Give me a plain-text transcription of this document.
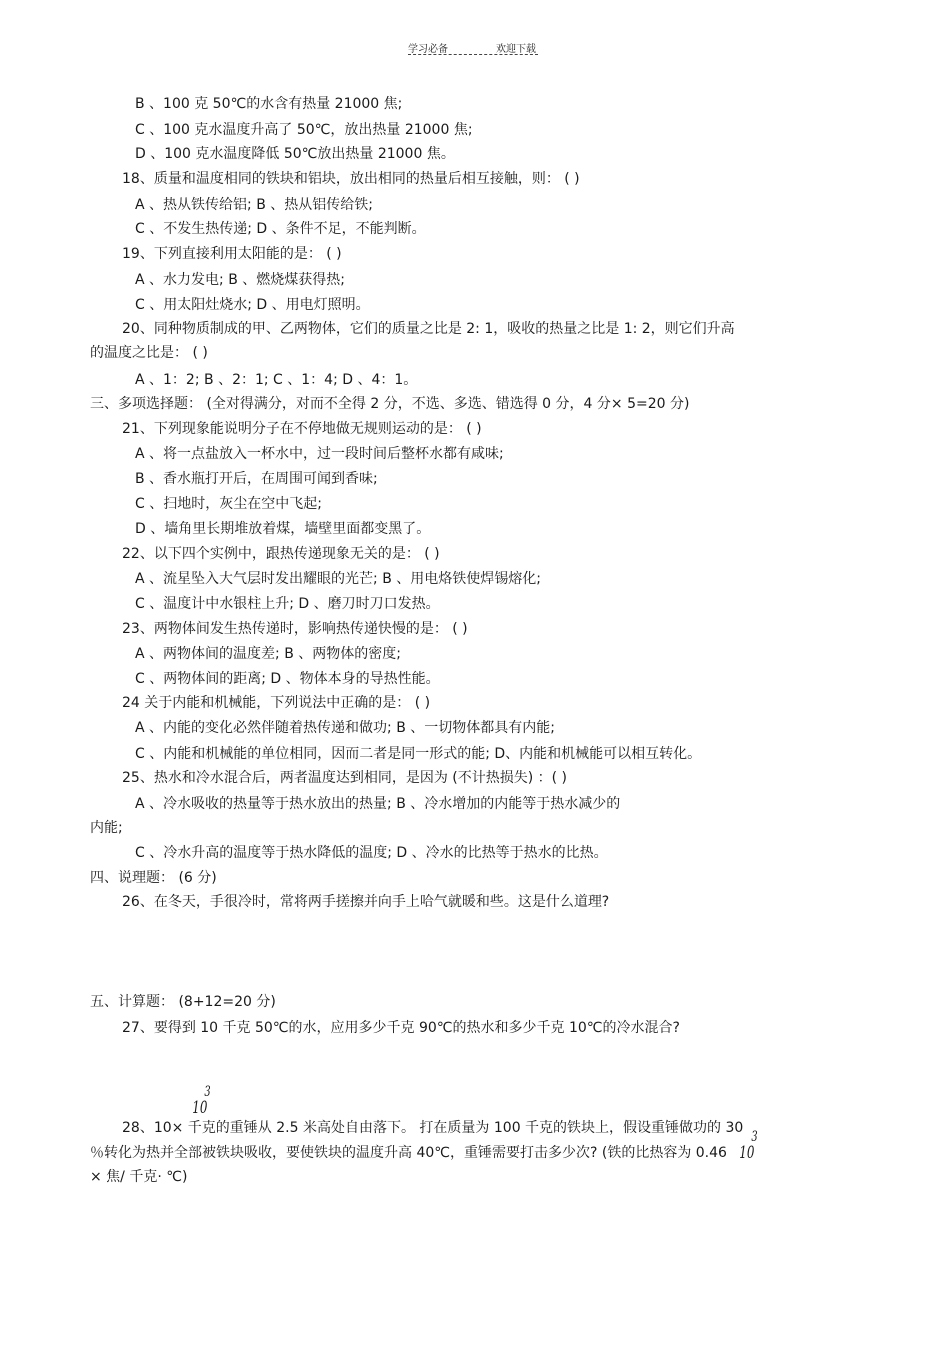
学习必备	欢迎下载
B 、100 克 50℃的水含有热量 21000 焦;
C 、100 克水温度升高了 50℃，放出热量 21000 焦;
D 、100 克水温度降低 50℃放出热量 21000 焦。
18、质量和温度相同的铁块和铝块，放出相同的热量后相互接触，则： ( )
A 、热从铁传给铝; B 、热从铝传给铁;
C 、不发生热传递; D 、条件不足，不能判断。
19、下列直接利用太阳能的是： ( )
A 、水力发电; B 、燃烧煤获得热;
C 、用太阳灶烧水; D 、用电灯照明。
20、同种物质制成的甲、乙两物体，它们的质量之比是 2: 1，吸收的热量之比是 1: 2，则它们升高
的温度之比是： ( )
A 、1：2; B 、2：1; C 、1：4; D 、4：1。
三、多项选择题： (全对得满分，对而不全得 2 分，不选、多选、错选得 0 分，4 分× 5=20 分)
21、下列现象能说明分子在不停地做无规则运动的是： ( )
A 、将一点盐放入一杯水中，过一段时间后整杯水都有咸味;
B 、香水瓶打开后，在周围可闻到香味;
C 、扫地时，灰尘在空中飞起;
D 、墙角里长期堆放着煤，墙壁里面都变黑了。
22、以下四个实例中，跟热传递现象无关的是： ( )
A 、流星坠入大气层时发出耀眼的光芒; B 、用电烙铁使焊锡熔化;
C 、温度计中水银柱上升; D 、磨刀时刀口发热。
23、两物体间发生热传递时，影响热传递快慢的是： ( )
A 、两物体间的温度差; B 、两物体的密度;
C 、两物体间的距离; D 、物体本身的导热性能。
24 关于内能和机械能，下列说法中正确的是： ( )
A 、内能的变化必然伴随着热传递和做功; B 、一切物体都具有内能;
C 、内能和机械能的单位相同，因而二者是同一形式的能; D、内能和机械能可以相互转化。
25、热水和冷水混合后，两者温度达到相同，是因为 (不计热损失) ：( )
A 、冷水吸收的热量等于热水放出的热量; B 、冷水增加的内能等于热水减少的
内能;
C 、冷水升高的温度等于热水降低的温度; D 、冷水的比热等于热水的比热。
四、说理题： (6 分)
26、在冬天，手很冷时，常将两手搓擦并向手上哈气就暖和些。这是什么道理?
五、计算题： (8+12=20 分)
27、要得到 10 千克 50℃的水，应用多少千克 90℃的热水和多少千克 10℃的冷水混合?
28、10× 千克的重锤从 2.5 米高处自由落下。 打在质量为 100 千克的铁块上，假设重锤做功的 30
％转化为热并全部被铁块吸收，要使铁块的温度升高 40℃，重锤需要打击多少次? (铁的比热容为 0.46
× 焦/ 千克· ℃)
10
3
10
3
